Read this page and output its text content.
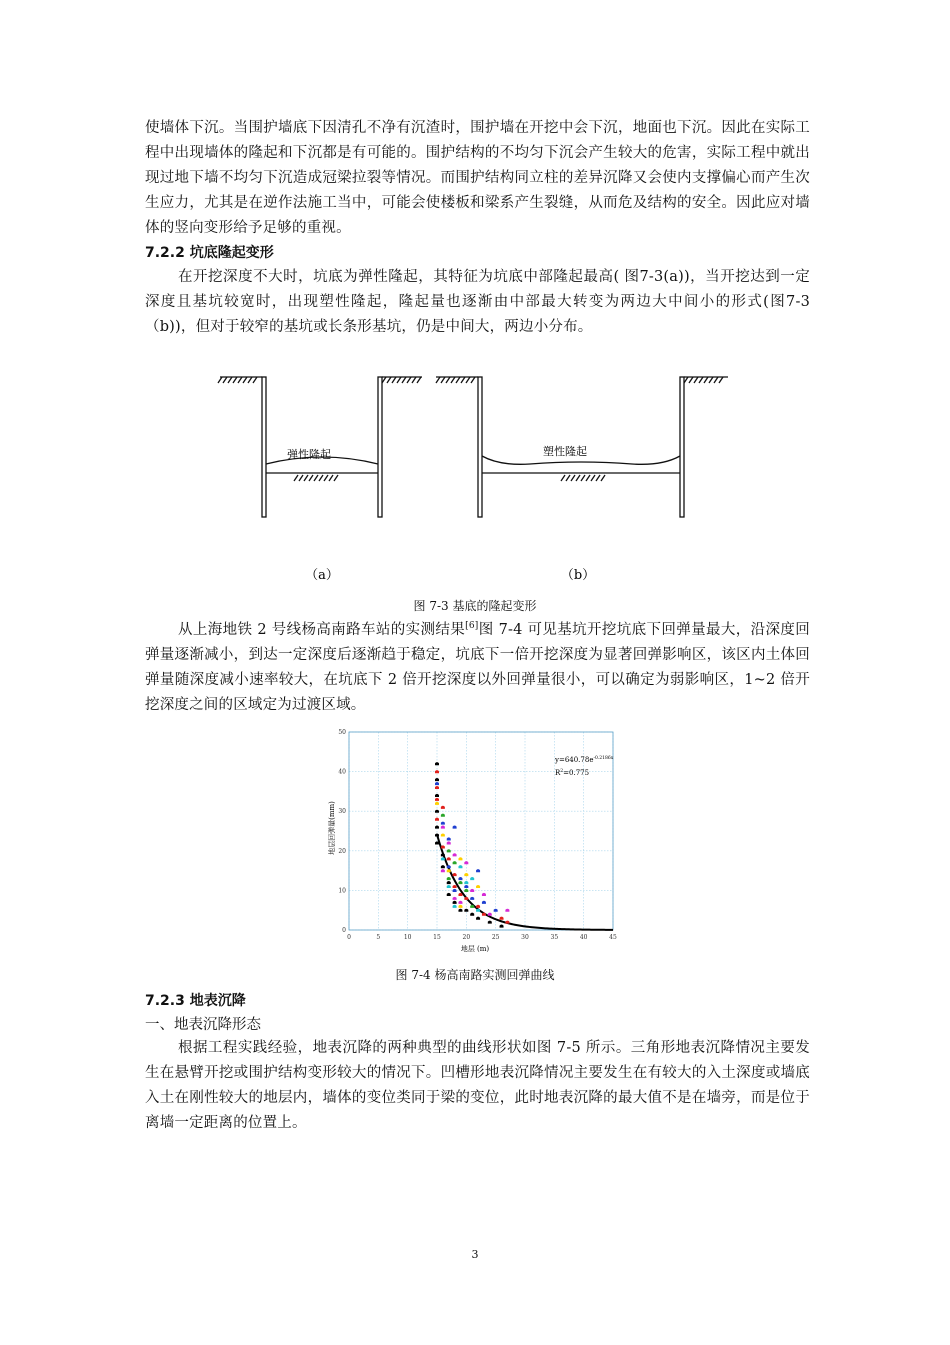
使墙体下沉。当围护墙底下因清孔不净有沉渣时，围护墙在开挖中会下沉，地面也下沉。因此在实际工程中出现墙体的隆起和下沉都是有可能的。围护结构的不均匀下沉会产生较大的危害，实际工程中就出现过地下墙不均匀下沉造成冠梁拉裂等情况。而围护结构同立柱的差异沉降又会使内支撑偏心而产生次生应力，尤其是在逆作法施工当中，可能会使楼板和梁系产生裂缝，从而危及结构的安全。因此应对墙体的竖向变形给予足够的重视。

7.2.2 坑底隆起变形

在开挖深度不大时，坑底为弹性隆起，其特征为坑底中部隆起最高( 图7-3(a))，当开挖达到一定深度且基坑较宽时，出现塑性隆起，隆起量也逐渐由中部最大转变为两边大中间小的形式(图7-3（b))，但对于较窄的基坑或长条形基坑，仍是中间大，两边小分布。

弹性隆起	塑性隆起
（a）	（b）

图 7-3 基底的隆起变形

从上海地铁 2 号线杨高南路车站的实测结果[6]图 7-4 可见基坑开挖坑底下回弹量最大，沿深度回弹量逐渐减小，到达一定深度后逐渐趋于稳定，坑底下一倍开挖深度为显著回弹影响区，该区内土体回弹量随深度减小速率较大，在坑底下 2 倍开挖深度以外回弹量很小，可以确定为弱影响区，1~2 倍开挖深度之间的区域定为过渡区域。

0	5	10	15	20	25	30	35	40	45
0
10
20
30
40
50
$y=640.78e^{-0.2186x}$
$R^2=0.775$
地层 (m)
地层回弹量(mm)

图 7-4 杨高南路实测回弹曲线

7.2.3 地表沉降

一、地表沉降形态

根据工程实践经验，地表沉降的两种典型的曲线形状如图 7-5 所示。三角形地表沉降情况主要发生在悬臂开挖或围护结构变形较大的情况下。凹槽形地表沉降情况主要发生在有较大的入土深度或墙底入土在刚性较大的地层内，墙体的变位类同于梁的变位，此时地表沉降的最大值不是在墙旁，而是位于离墙一定距离的位置上。

3
